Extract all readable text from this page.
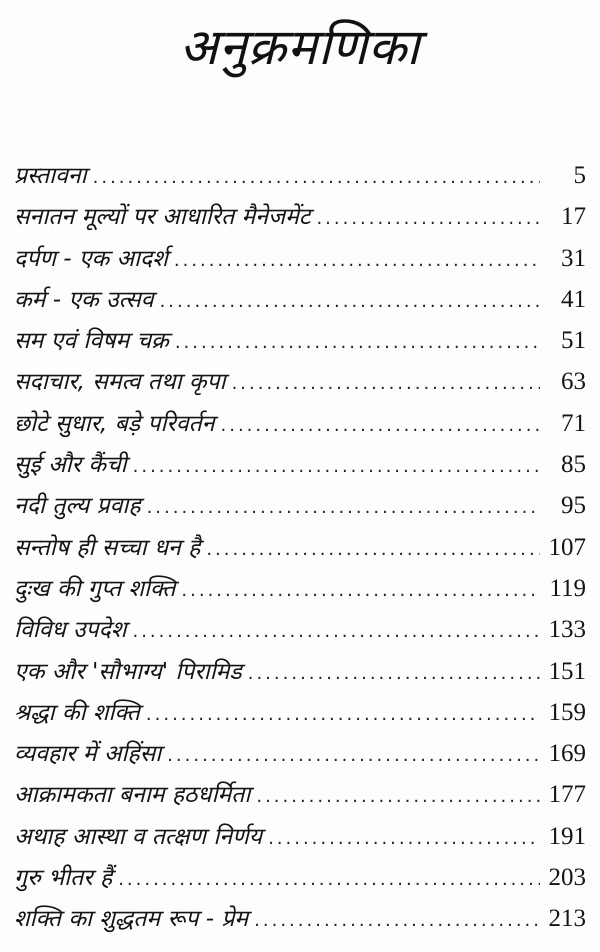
अनुक्रमणिका
प्रस्तावना .....	5
सनातन मूल्यों पर आधारित मैनेजमेंट .....	17
दर्पण - एक आदर्श .....	31
कर्म - एक उत्सव .....	41
सम एवं विषम चक्र .....	51
सदाचार, समत्व तथा कृपा .....	63
छोटे सुधार, बड़े परिवर्तन .....	71
सुई और कैंची .....	85
नदी तुल्य प्रवाह .....	95
सन्तोष ही सच्चा धन है .....	107
दुःख की गुप्त शक्ति .....	119
विविध उपदेश .....	133
एक और 'सौभाग्य' पिरामिड .....	151
श्रद्धा की शक्ति .....	159
व्यवहार में अहिंसा .....	169
आक्रामकता बनाम हठधर्मिता .....	177
अथाह आस्था व तत्क्षण निर्णय .....	191
गुरु भीतर हैं .....	203
शक्ति का शुद्धतम रूप - प्रेम .....	213
